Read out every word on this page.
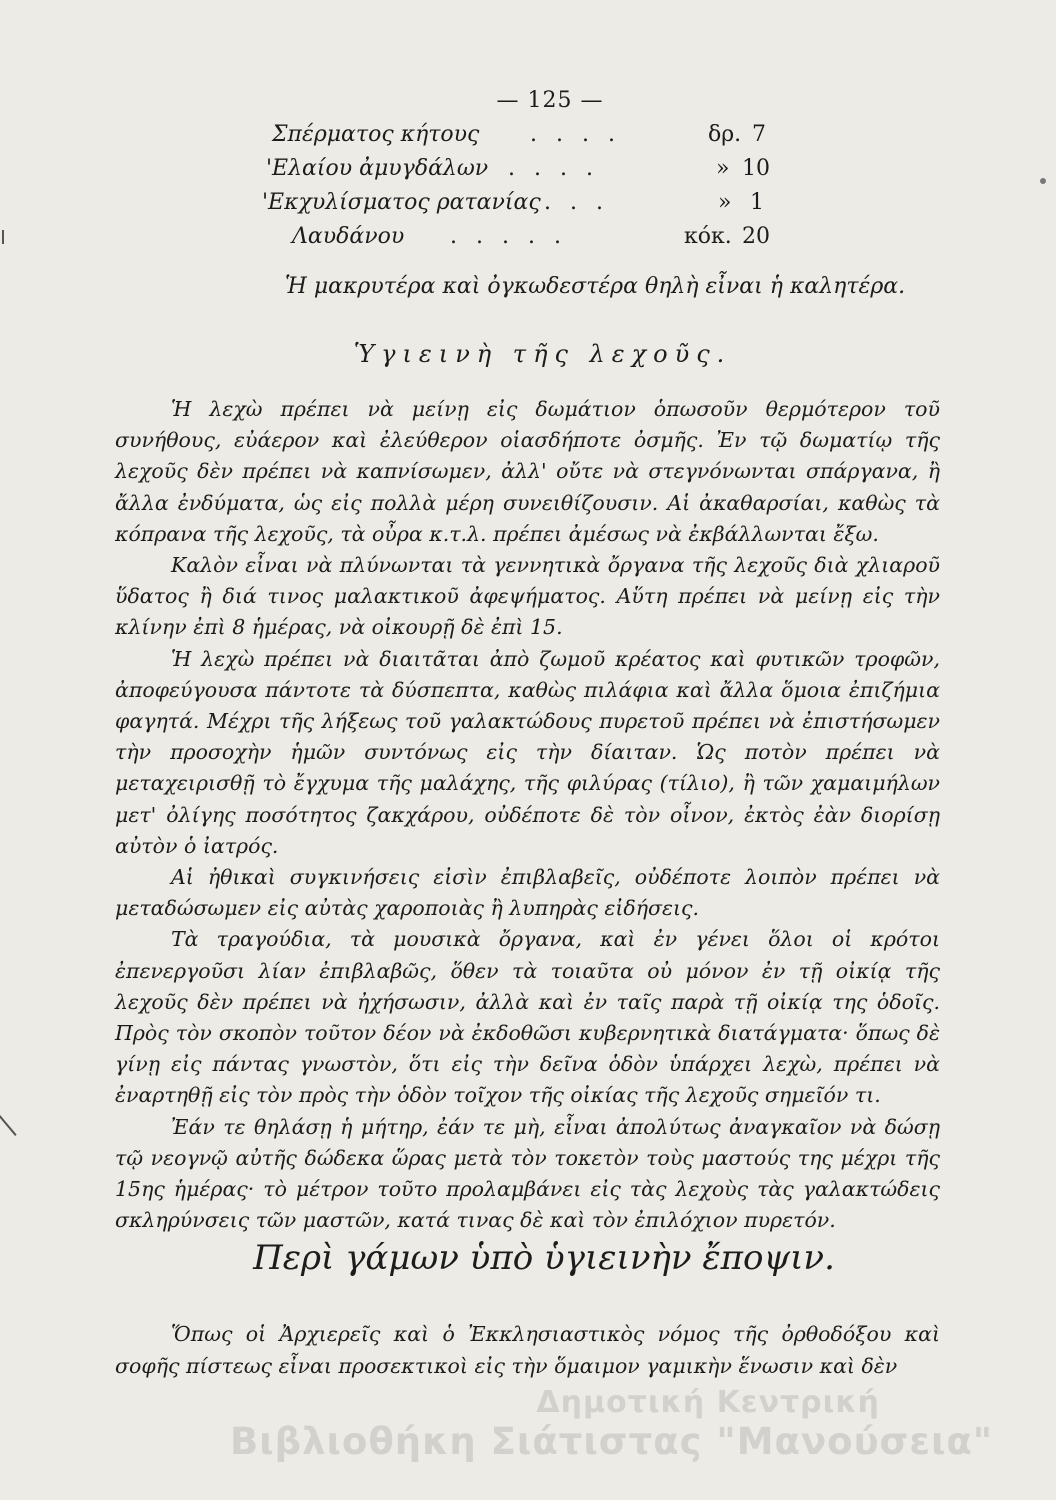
— 125 —
Σπέρματος κήτους . . . .	δρ. 7
'Ελαίου ἀμυγδάλων . . . .	» 10
'Εκχυλίσματος ρατανίας . . .	» 1
Λαυδάνου . . . . .	κόκ. 20
Ἡ μακρυτέρα καὶ ὀγκωδεστέρα θηλὴ εἶναι ἡ καλητέρα.
Ὑγιεινὴ τῆς λεχοῦς.

Ἡ λεχὼ πρέπει νὰ μείνῃ εἰς δωμάτιον ὁπωσοῦν θερμότερον τοῦ συνήθους, εὐάερον καὶ ἐλεύθερον οἱασδήποτε ὀσμῆς. Ἐν τῷ δωματίῳ τῆς λεχοῦς δὲν πρέπει νὰ καπνίσωμεν, ἀλλ' οὔτε νὰ στεγνόνωνται σπάργανα, ἢ ἄλλα ἐνδύματα, ὡς εἰς πολλὰ μέρη συνειθίζουσιν. Αἱ ἀκαθαρσίαι, καθὼς τὰ κόπρανα τῆς λεχοῦς, τὰ οὖρα κ.τ.λ. πρέπει ἀμέσως νὰ ἐκβάλλωνται ἔξω.

Καλὸν εἶναι νὰ πλύνωνται τὰ γεννητικὰ ὄργανα τῆς λεχοῦς διὰ χλιαροῦ ὕδατος ἢ διά τινος μαλακτικοῦ ἀφεψήματος. Αὕτη πρέπει νὰ μείνῃ εἰς τὴν κλίνην ἐπὶ 8 ἡμέρας, νὰ οἰκουρῇ δὲ ἐπὶ 15.

Ἡ λεχὼ πρέπει νὰ διαιτᾶται ἀπὸ ζωμοῦ κρέατος καὶ φυτικῶν τροφῶν, ἀποφεύγουσα πάντοτε τὰ δύσπεπτα, καθὼς πιλάφια καὶ ἄλλα ὅμοια ἐπιζήμια φαγητά. Μέχρι τῆς λήξεως τοῦ γαλακτώδους πυρετοῦ πρέπει νὰ ἐπιστήσωμεν τὴν προσοχὴν ἡμῶν συντόνως εἰς τὴν δίαιταν. Ὡς ποτὸν πρέπει νὰ μεταχειρισθῇ τὸ ἔγχυμα τῆς μαλάχης, τῆς φιλύρας (τίλιο), ἢ τῶν χαμαιμήλων μετ' ὀλίγης ποσότητος ζακχάρου, οὐδέποτε δὲ τὸν οἶνον, ἐκτὸς ἐὰν διορίσῃ αὐτὸν ὁ ἰατρός.

Αἱ ἠθικαὶ συγκινήσεις εἰσὶν ἐπιβλαβεῖς, οὐδέποτε λοιπὸν πρέπει νὰ μεταδώσωμεν εἰς αὐτὰς χαροποιὰς ἢ λυπηρὰς εἰδήσεις.

Τὰ τραγούδια, τὰ μουσικὰ ὄργανα, καὶ ἐν γένει ὅλοι οἱ κρότοι ἐπενεργοῦσι λίαν ἐπιβλαβῶς, ὅθεν τὰ τοιαῦτα οὐ μόνον ἐν τῇ οἰκίᾳ τῆς λεχοῦς δὲν πρέπει νὰ ἠχήσωσιν, ἀλλὰ καὶ ἐν ταῖς παρὰ τῇ οἰκίᾳ της ὁδοῖς. Πρὸς τὸν σκοπὸν τοῦτον δέον νὰ ἐκδοθῶσι κυβερνητικὰ διατάγματα· ὅπως δὲ γίνῃ εἰς πάντας γνωστὸν, ὅτι εἰς τὴν δεῖνα ὁδὸν ὑπάρχει λεχὼ, πρέπει νὰ ἐναρτηθῇ εἰς τὸν πρὸς τὴν ὁδὸν τοῖχον τῆς οἰκίας τῆς λεχοῦς σημεῖόν τι.

Ἐάν τε θηλάσῃ ἡ μήτηρ, ἐάν τε μὴ, εἶναι ἀπολύτως ἀναγκαῖον νὰ δώσῃ τῷ νεογνῷ αὐτῆς δώδεκα ὥρας μετὰ τὸν τοκετὸν τοὺς μαστούς της μέχρι τῆς 15ης ἡμέρας· τὸ μέτρον τοῦτο προλαμβάνει εἰς τὰς λεχοὺς τὰς γαλακτώδεις σκληρύνσεις τῶν μαστῶν, κατά τινας δὲ καὶ τὸν ἐπιλόχιον πυρετόν.

Περὶ γάμων ὑπὸ ὑγιεινὴν ἔποψιν.

Ὅπως οἱ Ἀρχιερεῖς καὶ ὁ Ἐκκλησιαστικὸς νόμος τῆς ὀρθοδόξου καὶ σοφῆς πίστεως εἶναι προσεκτικοὶ εἰς τὴν ὅμαιμον γαμικὴν ἕνωσιν καὶ δὲν

Δημοτική Κεντρική
Βιβλιοθήκη Σιάτιστας "Μανούσεια"
